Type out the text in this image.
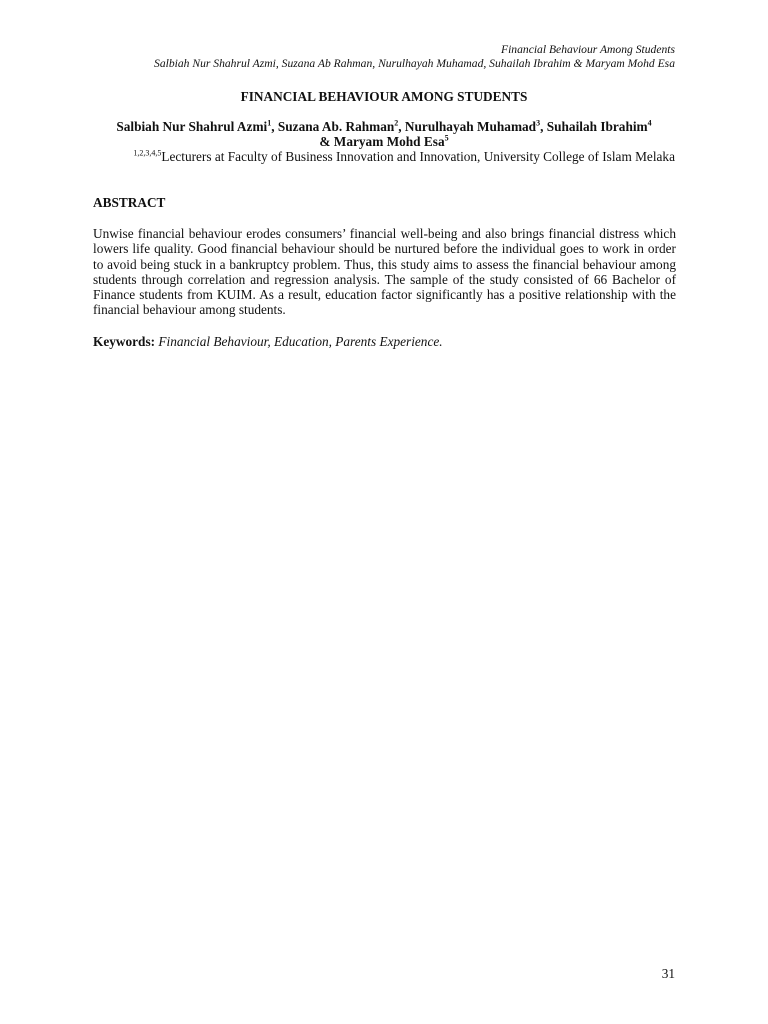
Financial Behaviour Among Students
Salbiah Nur Shahrul Azmi, Suzana Ab Rahman, Nurulhayah Muhamad, Suhailah Ibrahim & Maryam Mohd Esa
FINANCIAL BEHAVIOUR AMONG STUDENTS
Salbiah Nur Shahrul Azmi$^1$, Suzana Ab. Rahman$^2$, Nurulhayah Muhamad$^3$, Suhailah Ibrahim$^4$
& Maryam Mohd Esa$^5$
$^{1,2,3,4,5}$Lecturers at Faculty of Business Innovation and Innovation, University College of Islam Melaka
ABSTRACT

Unwise financial behaviour erodes consumers’ financial well-being and also brings financial distress which lowers life quality. Good financial behaviour should be nurtured before the individual goes to work in order to avoid being stuck in a bankruptcy problem. Thus, this study aims to assess the financial behaviour among students through correlation and regression analysis. The sample of the study consisted of 66 Bachelor of Finance students from KUIM. As a result, education factor significantly has a positive relationship with the financial behaviour among students.

Keywords: Financial Behaviour, Education, Parents Experience.

31
